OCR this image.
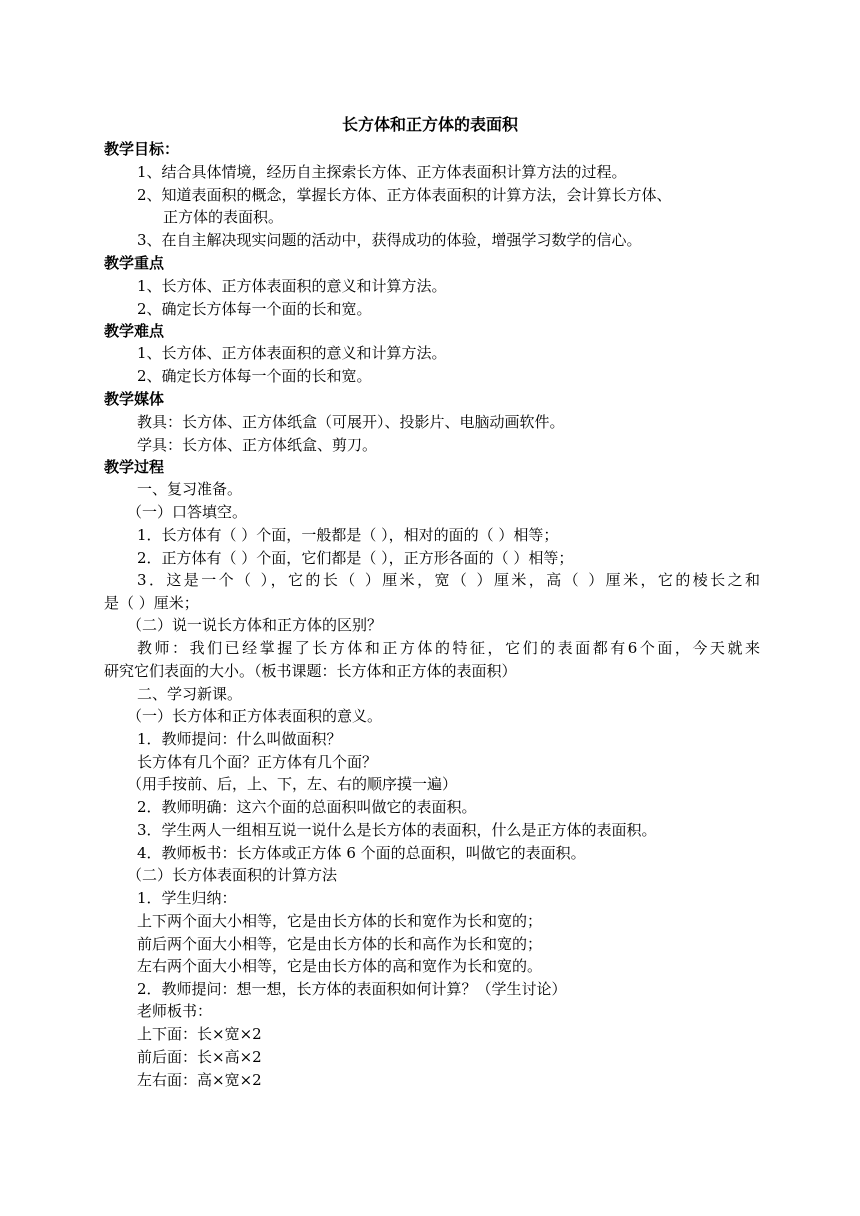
长方体和正方体的表面积
教学目标：
1、结合具体情境，经历自主探索长方体、正方体表面积计算方法的过程。
2、知道表面积的概念，掌握长方体、正方体表面积的计算方法，会计算长方体、
正方体的表面积。
3、在自主解决现实问题的活动中，获得成功的体验，增强学习数学的信心。
教学重点
1、长方体、正方体表面积的意义和计算方法。
2、确定长方体每一个面的长和宽。
教学难点
1、长方体、正方体表面积的意义和计算方法。
2、确定长方体每一个面的长和宽。
教学媒体
教具：长方体、正方体纸盒（可展开）、投影片、电脑动画软件。
学具：长方体、正方体纸盒、剪刀。
教学过程
一、复习准备。
（一）口答填空。
1．长方体有（ ）个面，一般都是（ ），相对的面的（ ）相等；
2．正方体有（ ）个面，它们都是（ ），正方形各面的（ ）相等；
3．这是一个（ ），它的长（ ）厘米，宽（ ）厘米，高（ ）厘米，它的棱长之和
是（ ）厘米；
（二）说一说长方体和正方体的区别？
教师：我们已经掌握了长方体和正方体的特征，它们的表面都有6个面，今天就来
研究它们表面的大小。（板书课题：长方体和正方体的表面积）
二、学习新课。
（一）长方体和正方体表面积的意义。
1．教师提问：什么叫做面积？
长方体有几个面？正方体有几个面？
（用手按前、后，上、下，左、右的顺序摸一遍）
2．教师明确：这六个面的总面积叫做它的表面积。
3．学生两人一组相互说一说什么是长方体的表面积，什么是正方体的表面积。
4．教师板书：长方体或正方体 6 个面的总面积，叫做它的表面积。
（二）长方体表面积的计算方法
1．学生归纳：
上下两个面大小相等，它是由长方体的长和宽作为长和宽的；
前后两个面大小相等，它是由长方体的长和高作为长和宽的；
左右两个面大小相等，它是由长方体的高和宽作为长和宽的。
2．教师提问：想一想，长方体的表面积如何计算？（学生讨论）
老师板书：
上下面：长×宽×2
前后面：长×高×2
左右面：高×宽×2
